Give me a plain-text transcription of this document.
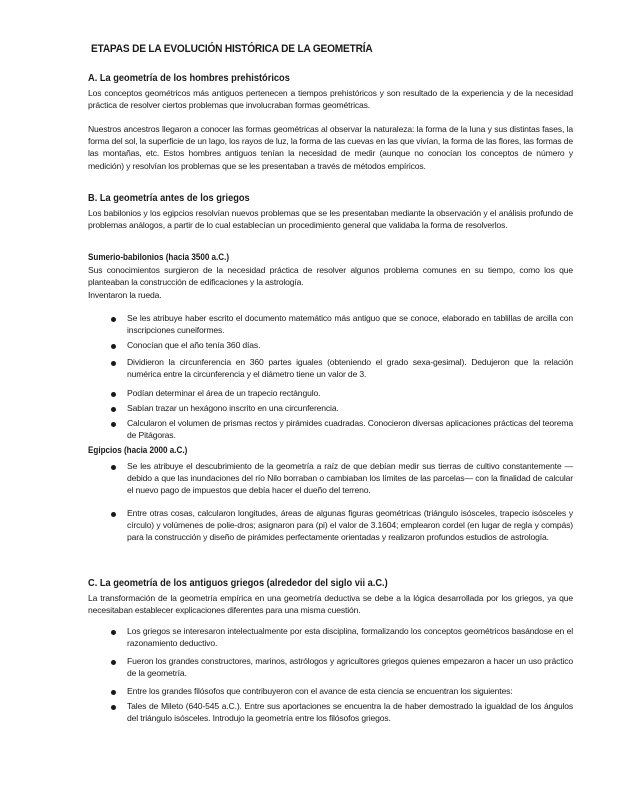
ETAPAS DE LA EVOLUCIÓN HISTÓRICA DE LA GEOMETRÍA
A. La geometría de los hombres prehistóricos
Los conceptos geométricos más antiguos pertenecen a tiempos prehistóricos y son resultado de la experiencia y de la necesidad práctica de resolver ciertos problemas que involucraban formas geométricas.
Nuestros ancestros llegaron a conocer las formas geométricas al observar la naturaleza: la forma de la luna y sus distintas fases, la forma del sol, la superficie de un lago, los rayos de luz, la forma de las cuevas en las que vivían, la forma de las flores, las formas de las montañas, etc. Estos hombres antiguos tenían la necesidad de medir (aunque no conocían los conceptos de número y medición) y resolvían los problemas que se les presentaban a través de métodos empíricos.
B. La geometría antes de los griegos
Los babilonios y los egipcios resolvían nuevos problemas que se les presentaban mediante la observación y el análisis profundo de problemas análogos, a partir de lo cual establecían un procedimiento general que validaba la forma de resolverlos.
Sumerio-babilonios (hacia 3500 a.C.)
Sus conocimientos surgieron de la necesidad práctica de resolver algunos problema comunes en su tiempo, como los que planteaban la construcción de edificaciones y la astrología.
Inventaron la rueda.
Se les atribuye haber escrito el documento matemático más antiguo que se conoce, elaborado en tablillas de arcilla con inscripciones cuneiformes.
Conocían que el año tenía 360 días.
Dividieron la circunferencia en 360 partes iguales (obteniendo el grado sexa-gesimal). Dedujeron que la relación numérica entre la circunferencia y el diámetro tiene un valor de 3.
Podían determinar el área de un trapecio rectángulo.
Sabían trazar un hexágono inscrito en una circunferencia.
Calcularon el volumen de prismas rectos y pirámides cuadradas. Conocieron diversas aplicaciones prácticas del teorema de Pitágoras.
Egipcios (hacia 2000 a.C.)
Se les atribuye el descubrimiento de la geometría a raíz de que debían medir sus tierras de cultivo constantemente —debido a que las inundaciones del río Nilo borraban o cambiaban los límites de las parcelas— con la finalidad de calcular el nuevo pago de impuestos que debía hacer el dueño del terreno.
Entre otras cosas, calcularon longitudes, áreas de algunas figuras geométricas (triángulo isósceles, trapecio isósceles y círculo) y volúmenes de polie-dros; asignaron para (pi) el valor de 3.1604; emplearon cordel (en lugar de regla y compás) para la construcción y diseño de pirámides perfectamente orientadas y realizaron profundos estudios de astrología.
C. La geometría de los antiguos griegos (alrededor del siglo vii a.C.)
La transformación de la geometría empírica en una geometría deductiva se debe a la lógica desarrollada por los griegos, ya que necesitaban establecer explicaciones diferentes para una misma cuestión.
Los griegos se interesaron intelectualmente por esta disciplina, formalizando los conceptos geométricos basándose en el razonamiento deductivo.
Fueron los grandes constructores, marinos, astrólogos y agricultores griegos quienes empezaron a hacer un uso práctico de la geometría.
Entre los grandes filósofos que contribuyeron con el avance de esta ciencia se encuentran los siguientes:
Tales de Mileto (640-545 a.C.). Entre sus aportaciones se encuentra la de haber demostrado la igualdad de los ángulos del triángulo isósceles. Introdujo la geometría entre los filósofos griegos.
